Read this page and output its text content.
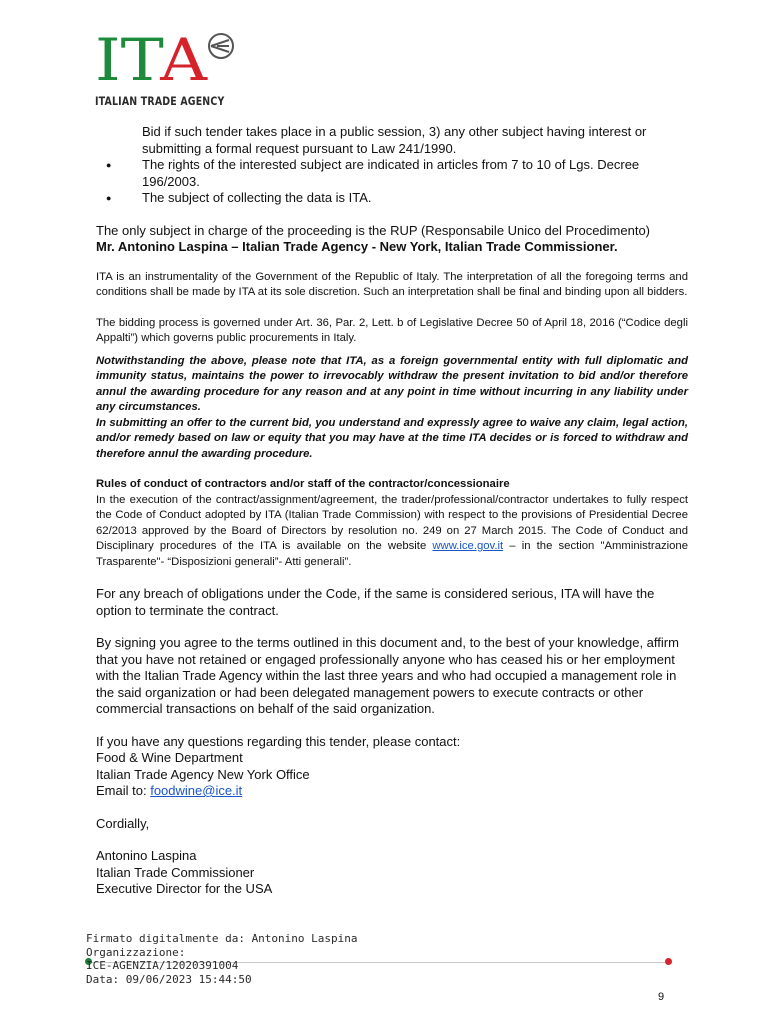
ITA
ITALIAN TRADE AGENCY

Bid if such tender takes place in a public session, 3) any other subject having interest or submitting a formal request pursuant to Law 241/1990.

● The rights of the interested subject are indicated in articles from 7 to 10 of Lgs. Decree 196/2003.
● The subject of collecting the data is ITA.

The only subject in charge of the proceeding is the RUP (Responsabile Unico del Procedimento)
Mr. Antonino Laspina – Italian Trade Agency - New York, Italian Trade Commissioner.

ITA is an instrumentality of the Government of the Republic of Italy. The interpretation of all the foregoing terms and conditions shall be made by ITA at its sole discretion. Such an interpretation shall be final and binding upon all bidders.

The bidding process is governed under Art. 36, Par. 2, Lett. b of Legislative Decree 50 of April 18, 2016 (“Codice degli Appalti”) which governs public procurements in Italy.

Notwithstanding the above, please note that ITA, as a foreign governmental entity with full diplomatic and immunity status, maintains the power to irrevocably withdraw the present invitation to bid and/or therefore annul the awarding procedure for any reason and at any point in time without incurring in any liability under any circumstances.

In submitting an offer to the current bid, you understand and expressly agree to waive any claim, legal action, and/or remedy based on law or equity that you may have at the time ITA decides or is forced to withdraw and therefore annul the awarding procedure.

Rules of conduct of contractors and/or staff of the contractor/concessionaire

In the execution of the contract/assignment/agreement, the trader/professional/contractor undertakes to fully respect the Code of Conduct adopted by ITA (Italian Trade Commission) with respect to the provisions of Presidential Decree 62/2013 approved by the Board of Directors by resolution no. 249 on 27 March 2015. The Code of Conduct and Disciplinary procedures of the ITA is available on the website www.ice.gov.it – in the section "Amministrazione Trasparente"- “Disposizioni generali”- Atti generali”.

For any breach of obligations under the Code, if the same is considered serious, ITA will have the option to terminate the contract.

By signing you agree to the terms outlined in this document and, to the best of your knowledge, affirm that you have not retained or engaged professionally anyone who has ceased his or her employment with the Italian Trade Agency within the last three years and who had occupied a management role in the said organization or had been delegated management powers to execute contracts or other commercial transactions on behalf of the said organization.

If you have any questions regarding this tender, please contact:
Food & Wine Department
Italian Trade Agency New York Office
Email to: foodwine@ice.it

Cordially,

Antonino Laspina
Italian Trade Commissioner
Executive Director for the USA

Firmato digitalmente da: Antonino Laspina
Organizzazione:
ICE-AGENZIA/12020391004
Data: 09/06/2023 15:44:50
9
